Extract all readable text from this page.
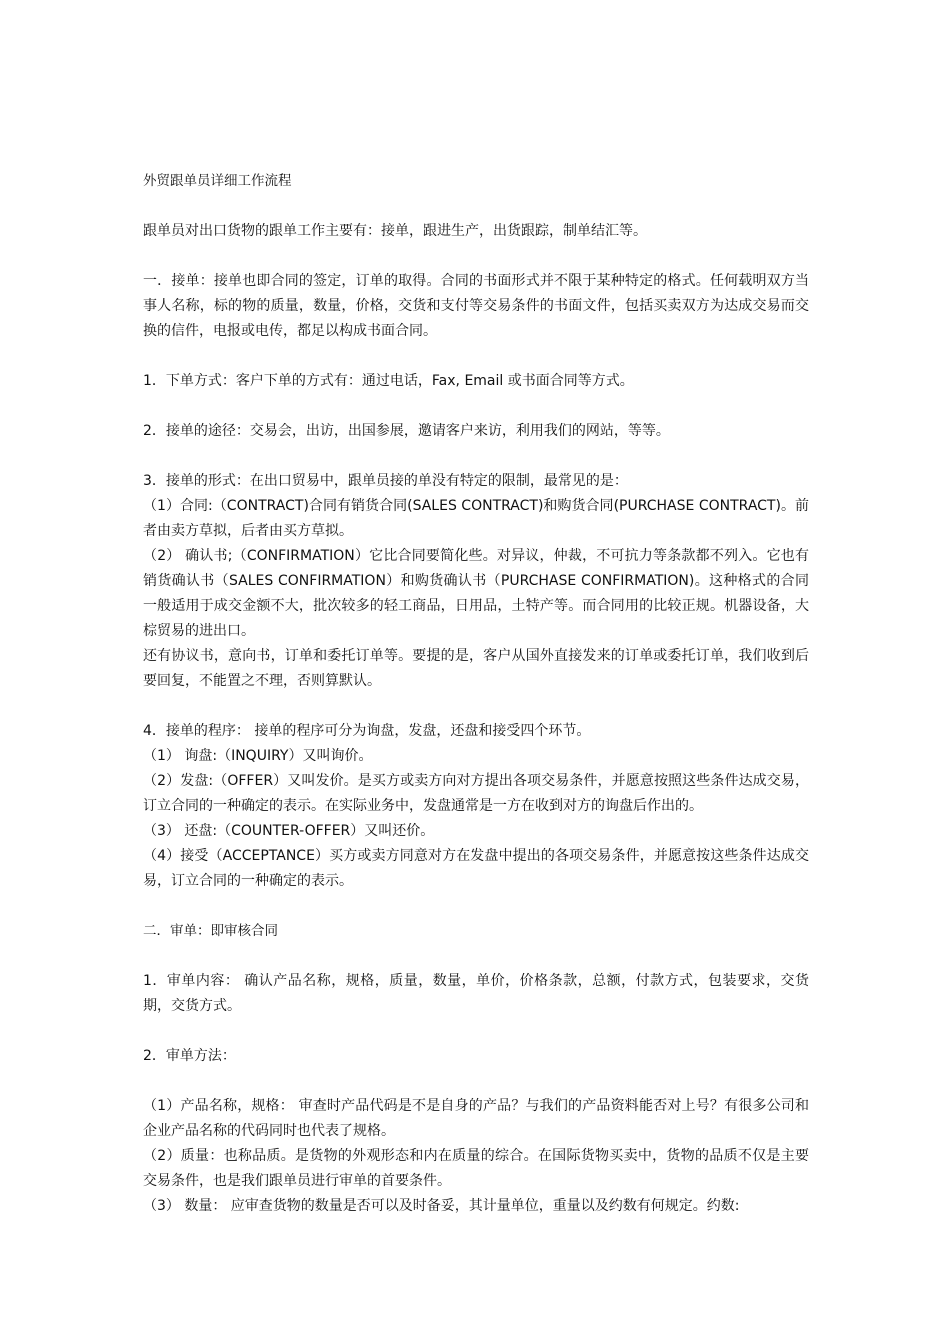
外贸跟单员详细工作流程

跟单员对出口货物的跟单工作主要有：接单，跟进生产，出货跟踪，制单结汇等。

一．接单：接单也即合同的签定，订单的取得。合同的书面形式并不限于某种特定的格式。任何载明双方当事人名称，标的物的质量，数量，价格，交货和支付等交易条件的书面文件，包括买卖双方为达成交易而交换的信件，电报或电传，都足以构成书面合同。

1．下单方式：客户下单的方式有：通过电话，Fax, Email 或书面合同等方式。

2．接单的途径：交易会，出访，出国参展，邀请客户来访，利用我们的网站，等等。

3．接单的形式：在出口贸易中，跟单员接的单没有特定的限制，最常见的是：

（1）合同:（CONTRACT)合同有销货合同(SALES CONTRACT)和购货合同(PURCHASE CONTRACT)。前者由卖方草拟，后者由买方草拟。

（2） 确认书;（CONFIRMATION）它比合同要简化些。对异议，仲裁，不可抗力等条款都不列入。它也有销货确认书（SALES CONFIRMATION）和购货确认书（PURCHASE CONFIRMATION)。这种格式的合同一般适用于成交金额不大，批次较多的轻工商品，日用品，土特产等。而合同用的比较正规。机器设备，大棕贸易的进出口。

还有协议书，意向书，订单和委托订单等。要提的是，客户从国外直接发来的订单或委托订单，我们收到后要回复，不能置之不理，否则算默认。

4．接单的程序： 接单的程序可分为询盘，发盘，还盘和接受四个环节。

（1） 询盘:（INQUIRY）又叫询价。

（2）发盘:（OFFER）又叫发价。是买方或卖方向对方提出各项交易条件，并愿意按照这些条件达成交易，订立合同的一种确定的表示。在实际业务中，发盘通常是一方在收到对方的询盘后作出的。

（3） 还盘:（COUNTER-OFFER）又叫还价。

（4）接受（ACCEPTANCE）买方或卖方同意对方在发盘中提出的各项交易条件，并愿意按这些条件达成交易，订立合同的一种确定的表示。

二．审单：即审核合同

1．审单内容： 确认产品名称，规格，质量，数量，单价，价格条款，总额，付款方式，包装要求，交货期，交货方式。

2．审单方法：

（1）产品名称，规格： 审查时产品代码是不是自身的产品？与我们的产品资料能否对上号？有很多公司和企业产品名称的代码同时也代表了规格。

（2）质量：也称品质。是货物的外观形态和内在质量的综合。在国际货物买卖中，货物的品质不仅是主要交易条件，也是我们跟单员进行审单的首要条件。

（3） 数量： 应审查货物的数量是否可以及时备妥，其计量单位，重量以及约数有何规定。约数:
